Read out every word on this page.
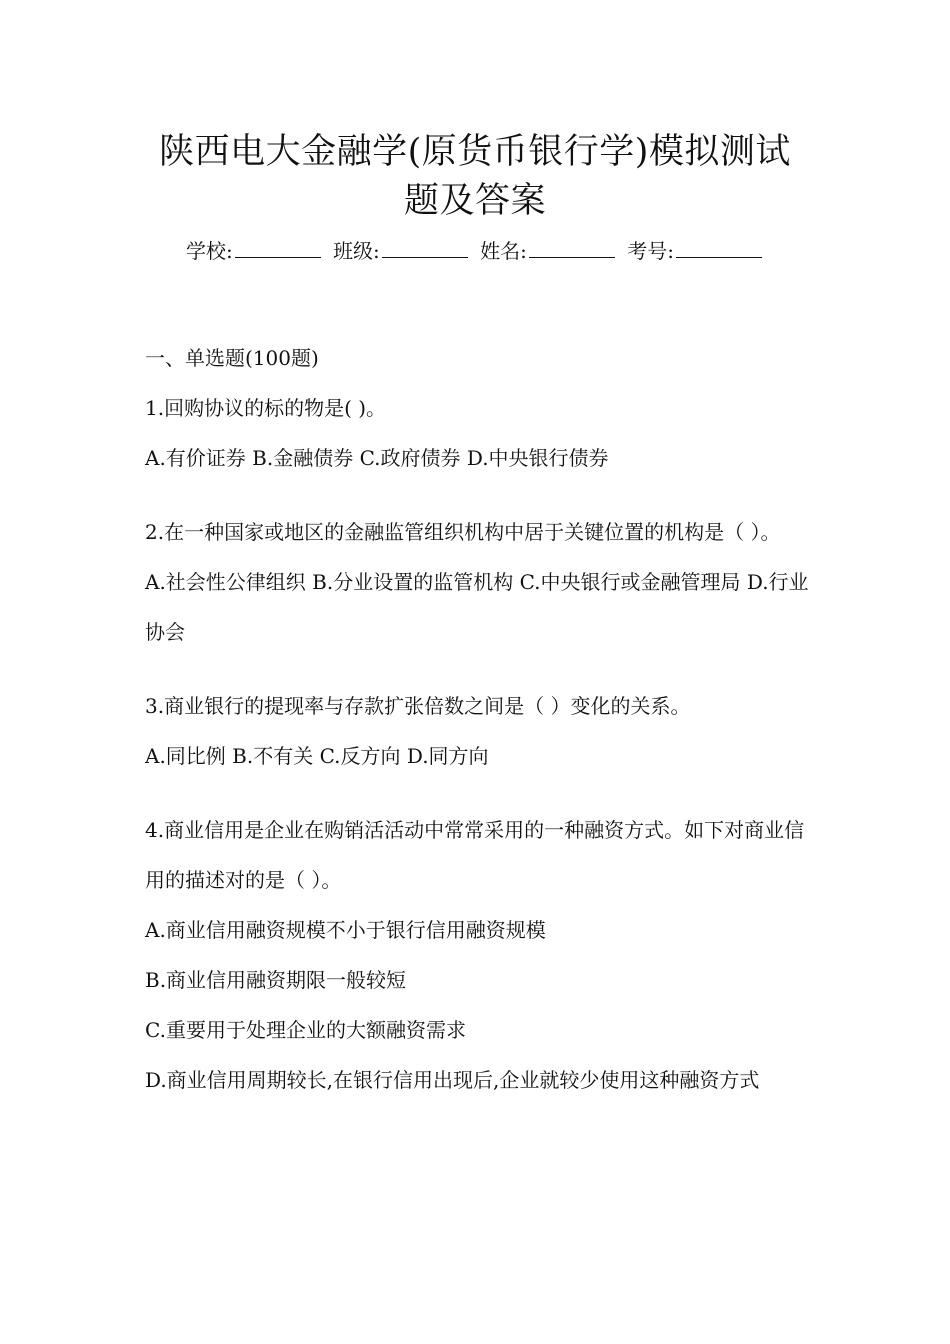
陕西电大金融学(原货币银行学)模拟测试
题及答案
学校:	班级:	姓名:	考号:

一、单选题(100题)

1.回购协议的标的物是( )。

A.有价证券 B.金融债券 C.政府债券 D.中央银行债券

2.在一种国家或地区的金融监管组织机构中居于关键位置的机构是（ ）。

A.社会性公律组织 B.分业设置的监管机构 C.中央银行或金融管理局 D.行业协会

3.商业银行的提现率与存款扩张倍数之间是（ ）变化的关系。

A.同比例 B.不有关 C.反方向 D.同方向

4.商业信用是企业在购销活活动中常常采用的一种融资方式。如下对商业信用的描述对的是（ ）。

A.商业信用融资规模不小于银行信用融资规模

B.商业信用融资期限一般较短

C.重要用于处理企业的大额融资需求

D.商业信用周期较长,在银行信用出现后,企业就较少使用这种融资方式
